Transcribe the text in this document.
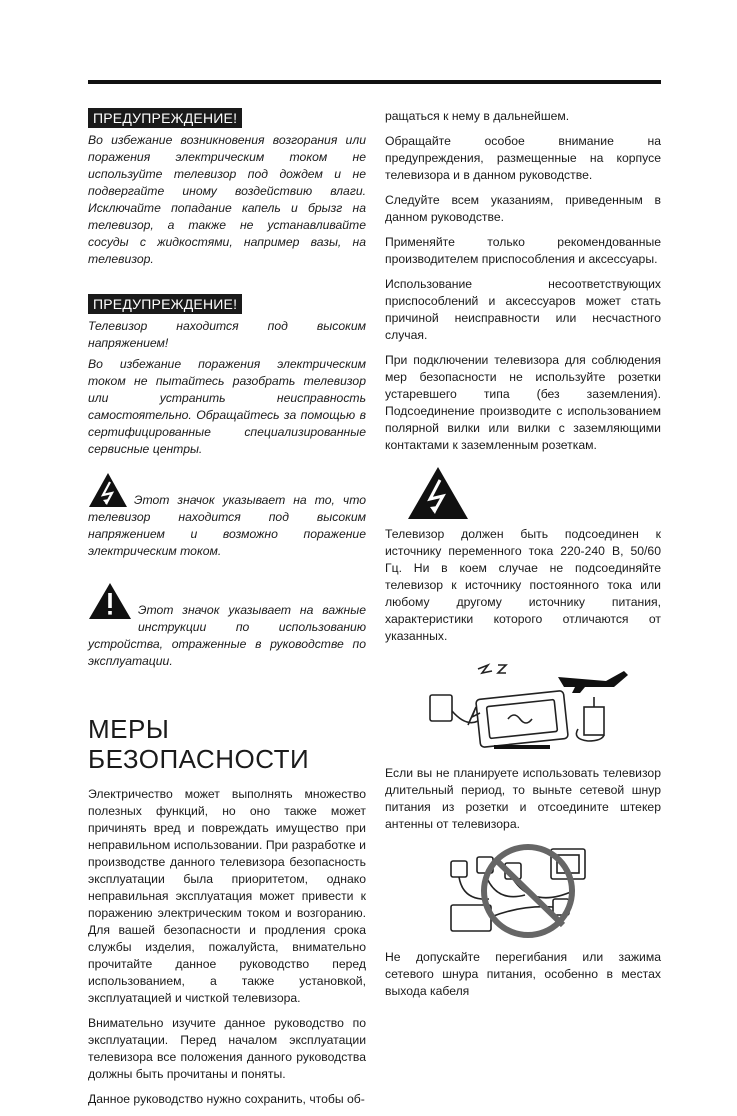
ПРЕДУПРЕЖДЕНИЕ!

Во избежание возникновения возгорания или поражения электрическим током не используйте телевизор под дождем и не подвергайте иному воздействию влаги. Исключайте попадание капель и брызг на телевизор, а также не устанавливайте сосуды с жидкостями, например вазы, на телевизор.

ПРЕДУПРЕЖДЕНИЕ!

Телевизор находится под высоким напряжением!

Во избежание поражения электрическим током не пытайтесь разобрать телевизор или устранить неисправность самостоятельно. Обращайтесь за помощью в сертифицированные специализированные сервисные центры.

Этот значок указывает на то, что телевизор находится под высоким напряжением и возможно поражение электрическим током.

Этот значок указывает на важные инструкции по использованию устройства, отраженные в руководстве по эксплуатации.

МЕРЫ БЕЗОПАСНОСТИ

Электричество может выполнять множество полезных функций, но оно также может причинять вред и повреждать имущество при неправильном использовании. При разработке и производстве данного телевизора безопасность эксплуатации была приоритетом, однако неправильная эксплуатация может привести к поражению электрическим током и возгоранию. Для вашей безопасности и продления срока службы изделия, пожалуйста, внимательно прочитайте данное руководство перед использованием, а также установкой, эксплуатацией и чисткой телевизора.

Внимательно изучите данное руководство по эксплуатации. Перед началом эксплуатации телевизора все положения данного руководства должны быть прочитаны и поняты.

Данное руководство нужно сохранить, чтобы об-

ращаться к нему в дальнейшем.

Обращайте особое внимание на предупреждения, размещенные на корпусе телевизора и в данном руководстве.

Следуйте всем указаниям, приведенным в данном руководстве.

Применяйте только рекомендованные производителем приспособления и аксессуары.

Использование несоответствующих приспособлений и аксессуаров может стать причиной неисправности или несчастного случая.

При подключении телевизора для соблюдения мер безопасности не используйте розетки устаревшего типа (без заземления). Подсоединение производите с использованием полярной вилки или вилки с заземляющими контактами к заземленным розеткам.

Телевизор должен быть подсоединен к источнику переменного тока 220-240 В, 50/60 Гц. Ни в коем случае не подсоединяйте телевизор к источнику постоянного тока или любому другому источнику питания, характеристики которого отличаются от указанных.

Если вы не планируете использовать телевизор длительный период, то выньте сетевой шнур питания из розетки и отсоедините штекер антенны от телевизора.

Не допускайте перегибания или зажима сетевого шнура питания, особенно в местах выхода кабеля
